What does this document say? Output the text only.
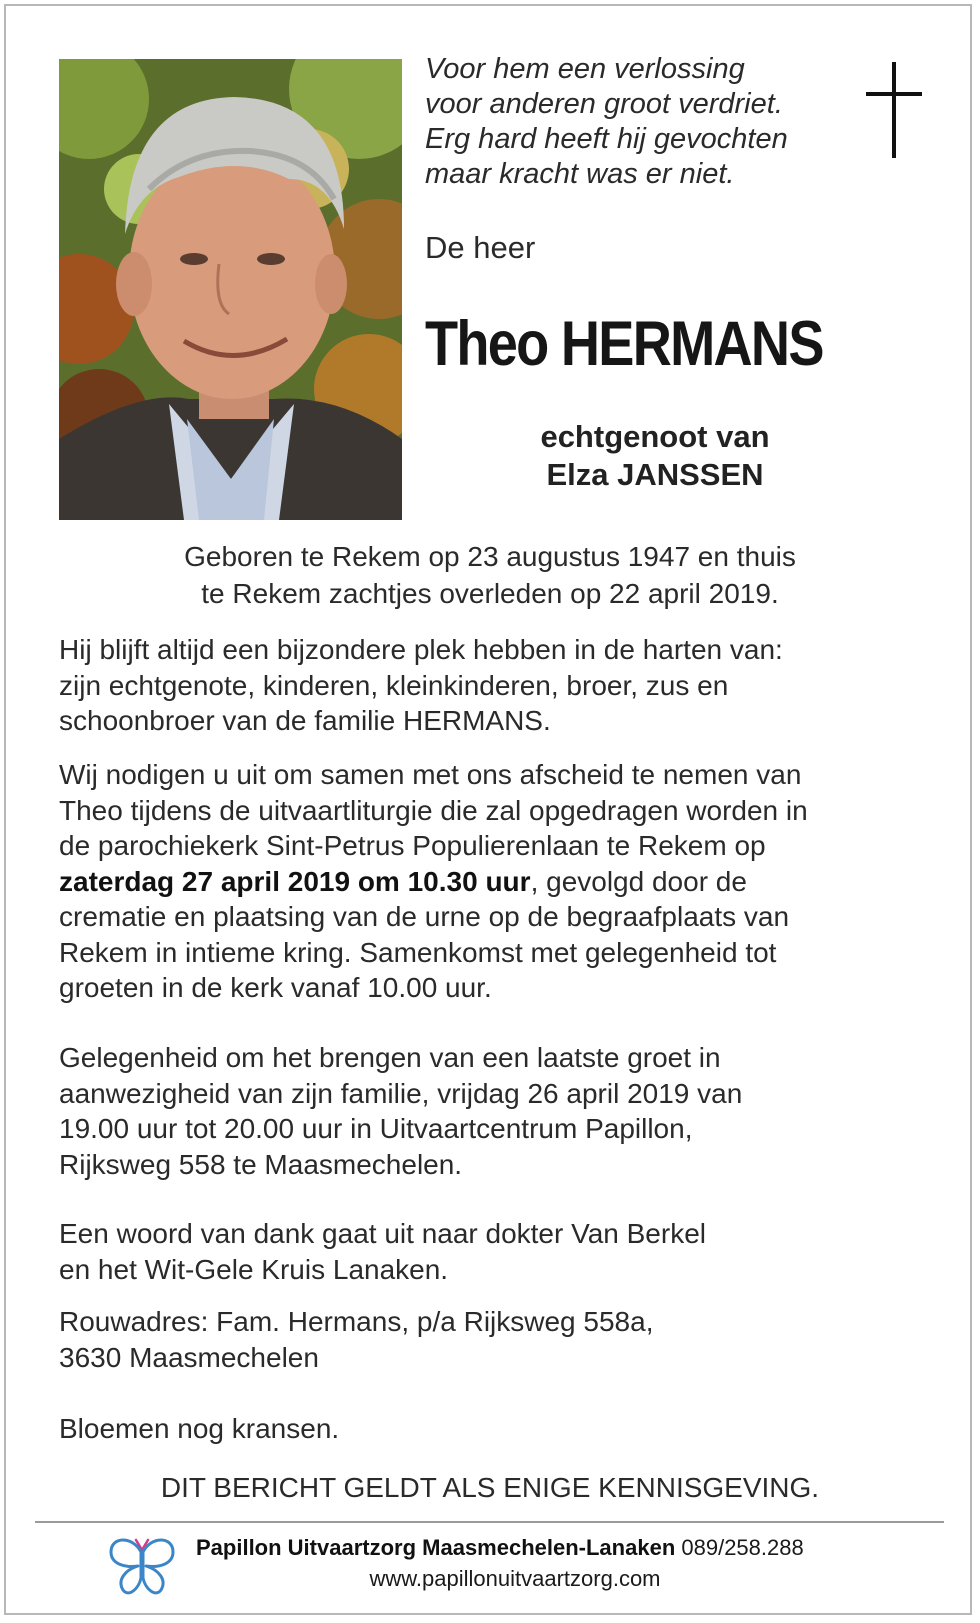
Voor hem een verlossing
voor anderen groot verdriet.
Erg hard heeft hij gevochten
maar kracht was er niet.
De heer
Theo HERMANS
echtgenoot van
Elza JANSSEN
Geboren te Rekem op 23 augustus 1947 en thuis
te Rekem zachtjes overleden op 22 april 2019.
Hij blijft altijd een bijzondere plek hebben in de harten van:
zijn echtgenote, kinderen, kleinkinderen, broer, zus en
schoonbroer van de familie HERMANS.
Wij nodigen u uit om samen met ons afscheid te nemen van
Theo tijdens de uitvaartliturgie die zal opgedragen worden in
de parochiekerk Sint-Petrus Populierenlaan te Rekem op
zaterdag 27 april 2019 om 10.30 uur, gevolgd door de
crematie en plaatsing van de urne op de begraafplaats van
Rekem in intieme kring. Samenkomst met gelegenheid tot
groeten in de kerk vanaf 10.00 uur.
Gelegenheid om het brengen van een laatste groet in
aanwezigheid van zijn familie, vrijdag 26 april 2019 van
19.00 uur tot 20.00 uur in Uitvaartcentrum Papillon,
Rijksweg 558 te Maasmechelen.
Een woord van dank gaat uit naar dokter Van Berkel
en het Wit-Gele Kruis Lanaken.
Rouwadres: Fam. Hermans, p/a Rijksweg 558a,
3630 Maasmechelen
Bloemen nog kransen.
DIT BERICHT GELDT ALS ENIGE KENNISGEVING.
Papillon Uitvaartzorg Maasmechelen-Lanaken 089/258.288
www.papillonuitvaartzorg.com
